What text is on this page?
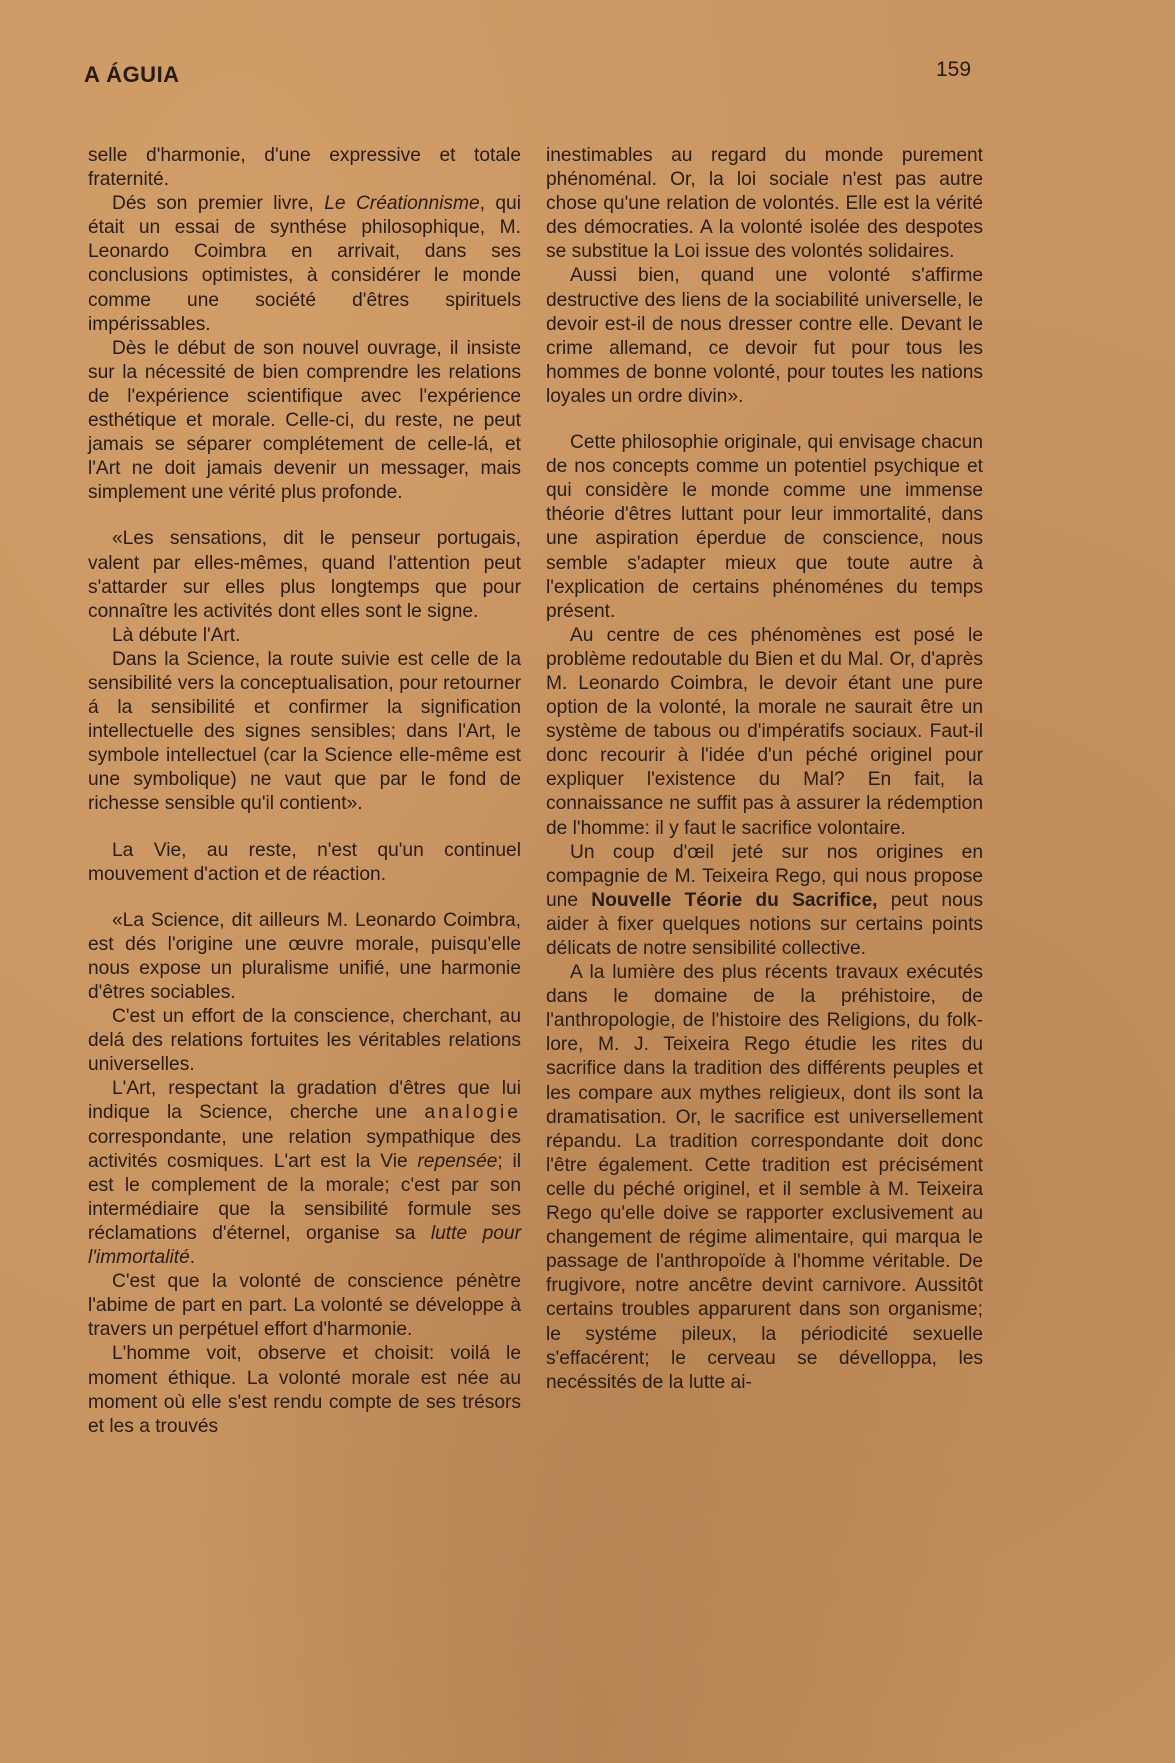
A ÁGUIA	159

selle d'harmonie, d'une expressive et totale fraternité.

Dés son premier livre, Le Créationnisme, qui était un essai de synthése philosophique, M. Leonardo Coimbra en arrivait, dans ses conclusions optimistes, à considérer le monde comme une société d'êtres spirituels impérissables.

Dès le début de son nouvel ouvrage, il insiste sur la nécessité de bien comprendre les relations de l'expérience scientifique avec l'expérience esthétique et morale. Celle-ci, du reste, ne peut jamais se séparer complétement de celle-lá, et l'Art ne doit jamais devenir un messager, mais simplement une vérité plus profonde.

«Les sensations, dit le penseur portugais, valent par elles-mêmes, quand l'attention peut s'attarder sur elles plus longtemps que pour connaître les activités dont elles sont le signe.

Là débute l'Art.

Dans la Science, la route suivie est celle de la sensibilité vers la conceptualisation, pour retourner á la sensibilité et confirmer la signification intellectuelle des signes sensibles; dans l'Art, le symbole intellectuel (car la Science elle-même est une symbolique) ne vaut que par le fond de richesse sensible qu'il contient».

La Vie, au reste, n'est qu'un continuel mouvement d'action et de réaction.

«La Science, dit ailleurs M. Leonardo Coimbra, est dés l'origine une œuvre morale, puisqu'elle nous expose un pluralisme unifié, une harmonie d'êtres sociables.

C'est un effort de la conscience, cherchant, au delá des relations fortuites les véritables relations universelles.

L'Art, respectant la gradation d'êtres que lui indique la Science, cherche une analogie correspondante, une relation sympathique des activités cosmiques. L'art est la Vie repensée; il est le complement de la morale; c'est par son intermédiaire que la sensibilité formule ses réclamations d'éternel, organise sa lutte pour l'immortalité.

C'est que la volonté de conscience pénètre l'abime de part en part. La volonté se développe à travers un perpétuel effort d'harmonie.

L'homme voit, observe et choisit: voilá le moment éthique. La volonté morale est née au moment où elle s'est rendu compte de ses trésors et les a trouvés

inestimables au regard du monde purement phénoménal. Or, la loi sociale n'est pas autre chose qu'une relation de volontés. Elle est la vérité des démocraties. A la volonté isolée des despotes se substitue la Loi issue des volontés solidaires.

Aussi bien, quand une volonté s'affirme destructive des liens de la sociabilité universelle, le devoir est-il de nous dresser contre elle. Devant le crime allemand, ce devoir fut pour tous les hommes de bonne volonté, pour toutes les nations loyales un ordre divin».

Cette philosophie originale, qui envisage chacun de nos concepts comme un potentiel psychique et qui considère le monde comme une immense théorie d'êtres luttant pour leur immortalité, dans une aspiration éperdue de conscience, nous semble s'adapter mieux que toute autre à l'explication de certains phénoménes du temps présent.

Au centre de ces phénomènes est posé le problème redoutable du Bien et du Mal. Or, d'après M. Leonardo Coimbra, le devoir étant une pure option de la volonté, la morale ne saurait être un système de tabous ou d'impératifs sociaux. Faut-il donc recourir à l'idée d'un péché originel pour expliquer l'existence du Mal? En fait, la connaissance ne suffit pas à assurer la rédemption de l'homme: il y faut le sacrifice volontaire.

Un coup d'œil jeté sur nos origines en compagnie de M. Teixeira Rego, qui nous propose une Nouvelle Téorie du Sacrifice, peut nous aider à fixer quelques notions sur certains points délicats de notre sensibilité collective.

A la lumière des plus récents travaux exécutés dans le domaine de la préhistoire, de l'anthropologie, de l'histoire des Religions, du folk-lore, M. J. Teixeira Rego étudie les rites du sacrifice dans la tradition des différents peuples et les compare aux mythes religieux, dont ils sont la dramatisation. Or, le sacrifice est universellement répandu. La tradition correspondante doit donc l'être également. Cette tradition est précisément celle du péché originel, et il semble à M. Teixeira Rego qu'elle doive se rapporter exclusivement au changement de régime alimentaire, qui marqua le passage de l'anthropoïde à l'homme véritable. De frugivore, notre ancêtre devint carnivore. Aussitôt certains troubles apparurent dans son organisme; le systéme pileux, la périodicité sexuelle s'effacérent; le cerveau se dévelloppa, les necéssités de la lutte ai-
